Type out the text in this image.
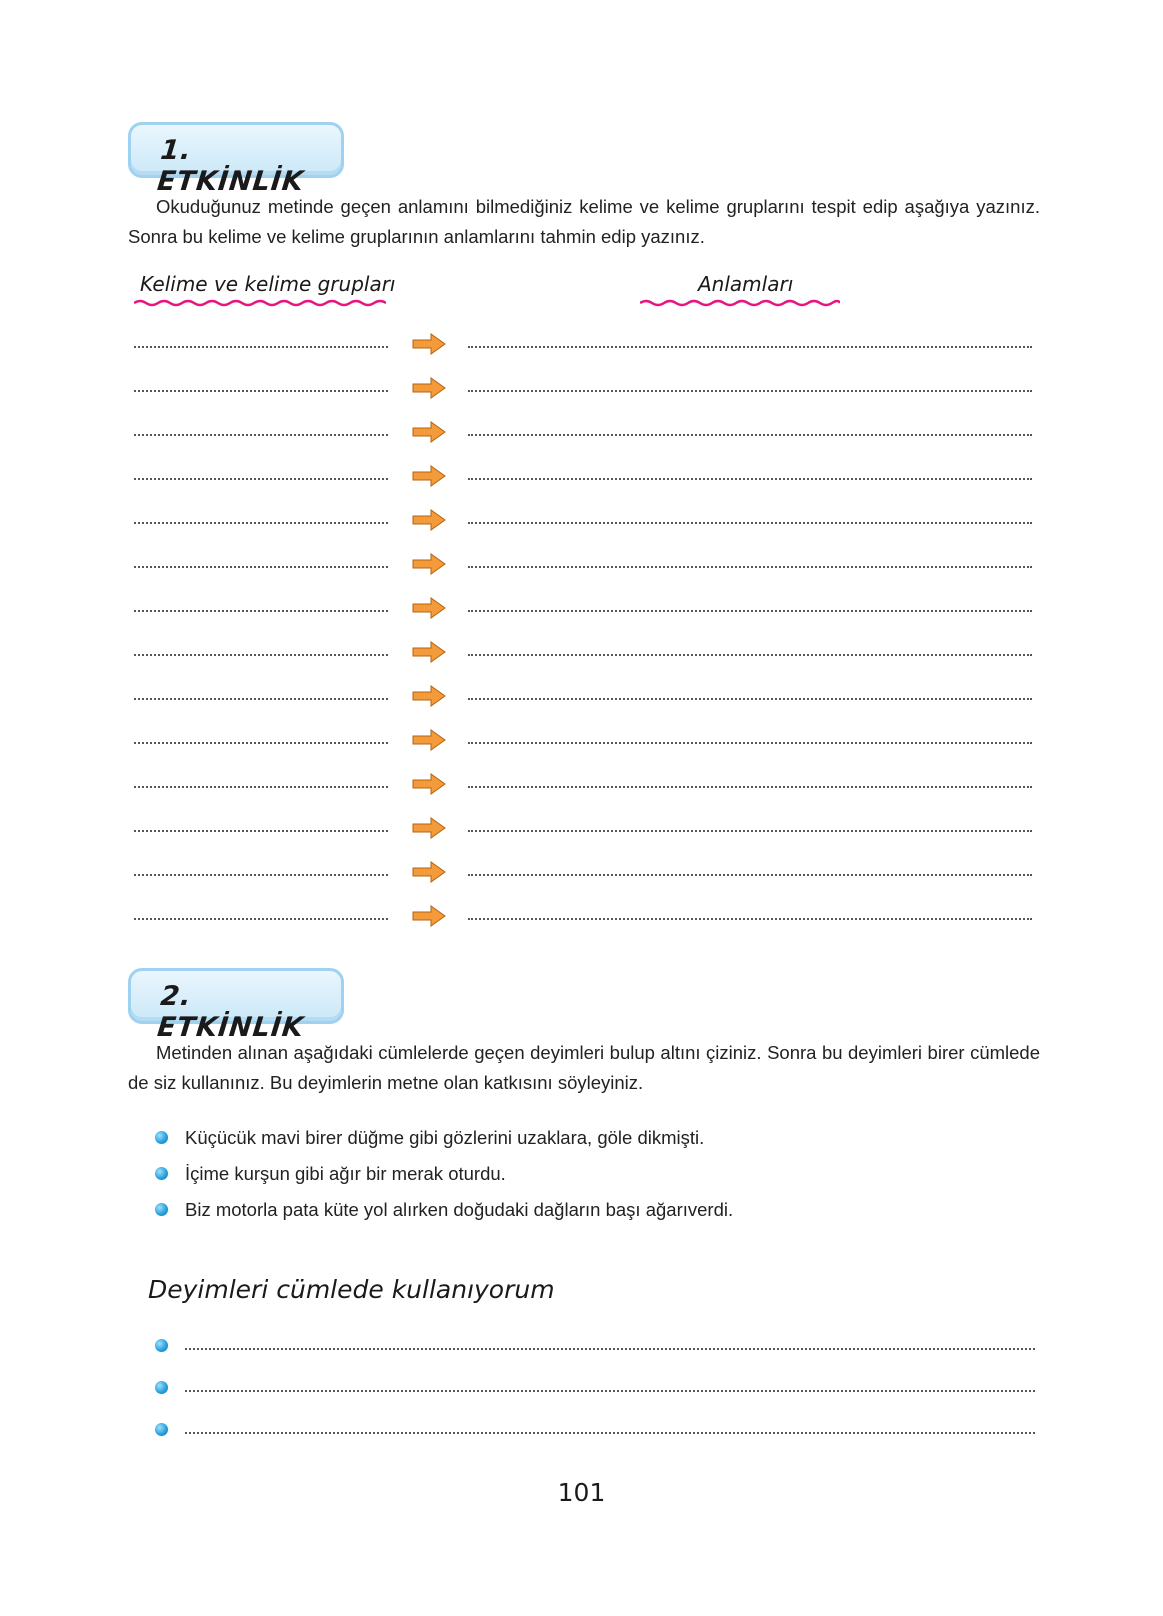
1. ETKİNLİK

Okuduğunuz metinde geçen anlamını bilmediğiniz kelime ve kelime gruplarını tespit edip aşağıya yazınız. Sonra bu kelime ve kelime gruplarının anlamlarını tahmin edip yazınız.

Kelime ve kelime grupları	Anlamları
2. ETKİNLİK

Metinden alınan aşağıdaki cümlelerde geçen deyimleri bulup altını çiziniz. Sonra bu deyimleri birer cümlede de siz kullanınız. Bu deyimlerin metne olan katkısını söyleyiniz.

Küçücük mavi birer düğme gibi gözlerini uzaklara, göle dikmişti.
İçime kurşun gibi ağır bir merak oturdu.
Biz motorla pata küte yol alırken doğudaki dağların başı ağarıverdi.
Deyimleri cümlede kullanıyorum
101
